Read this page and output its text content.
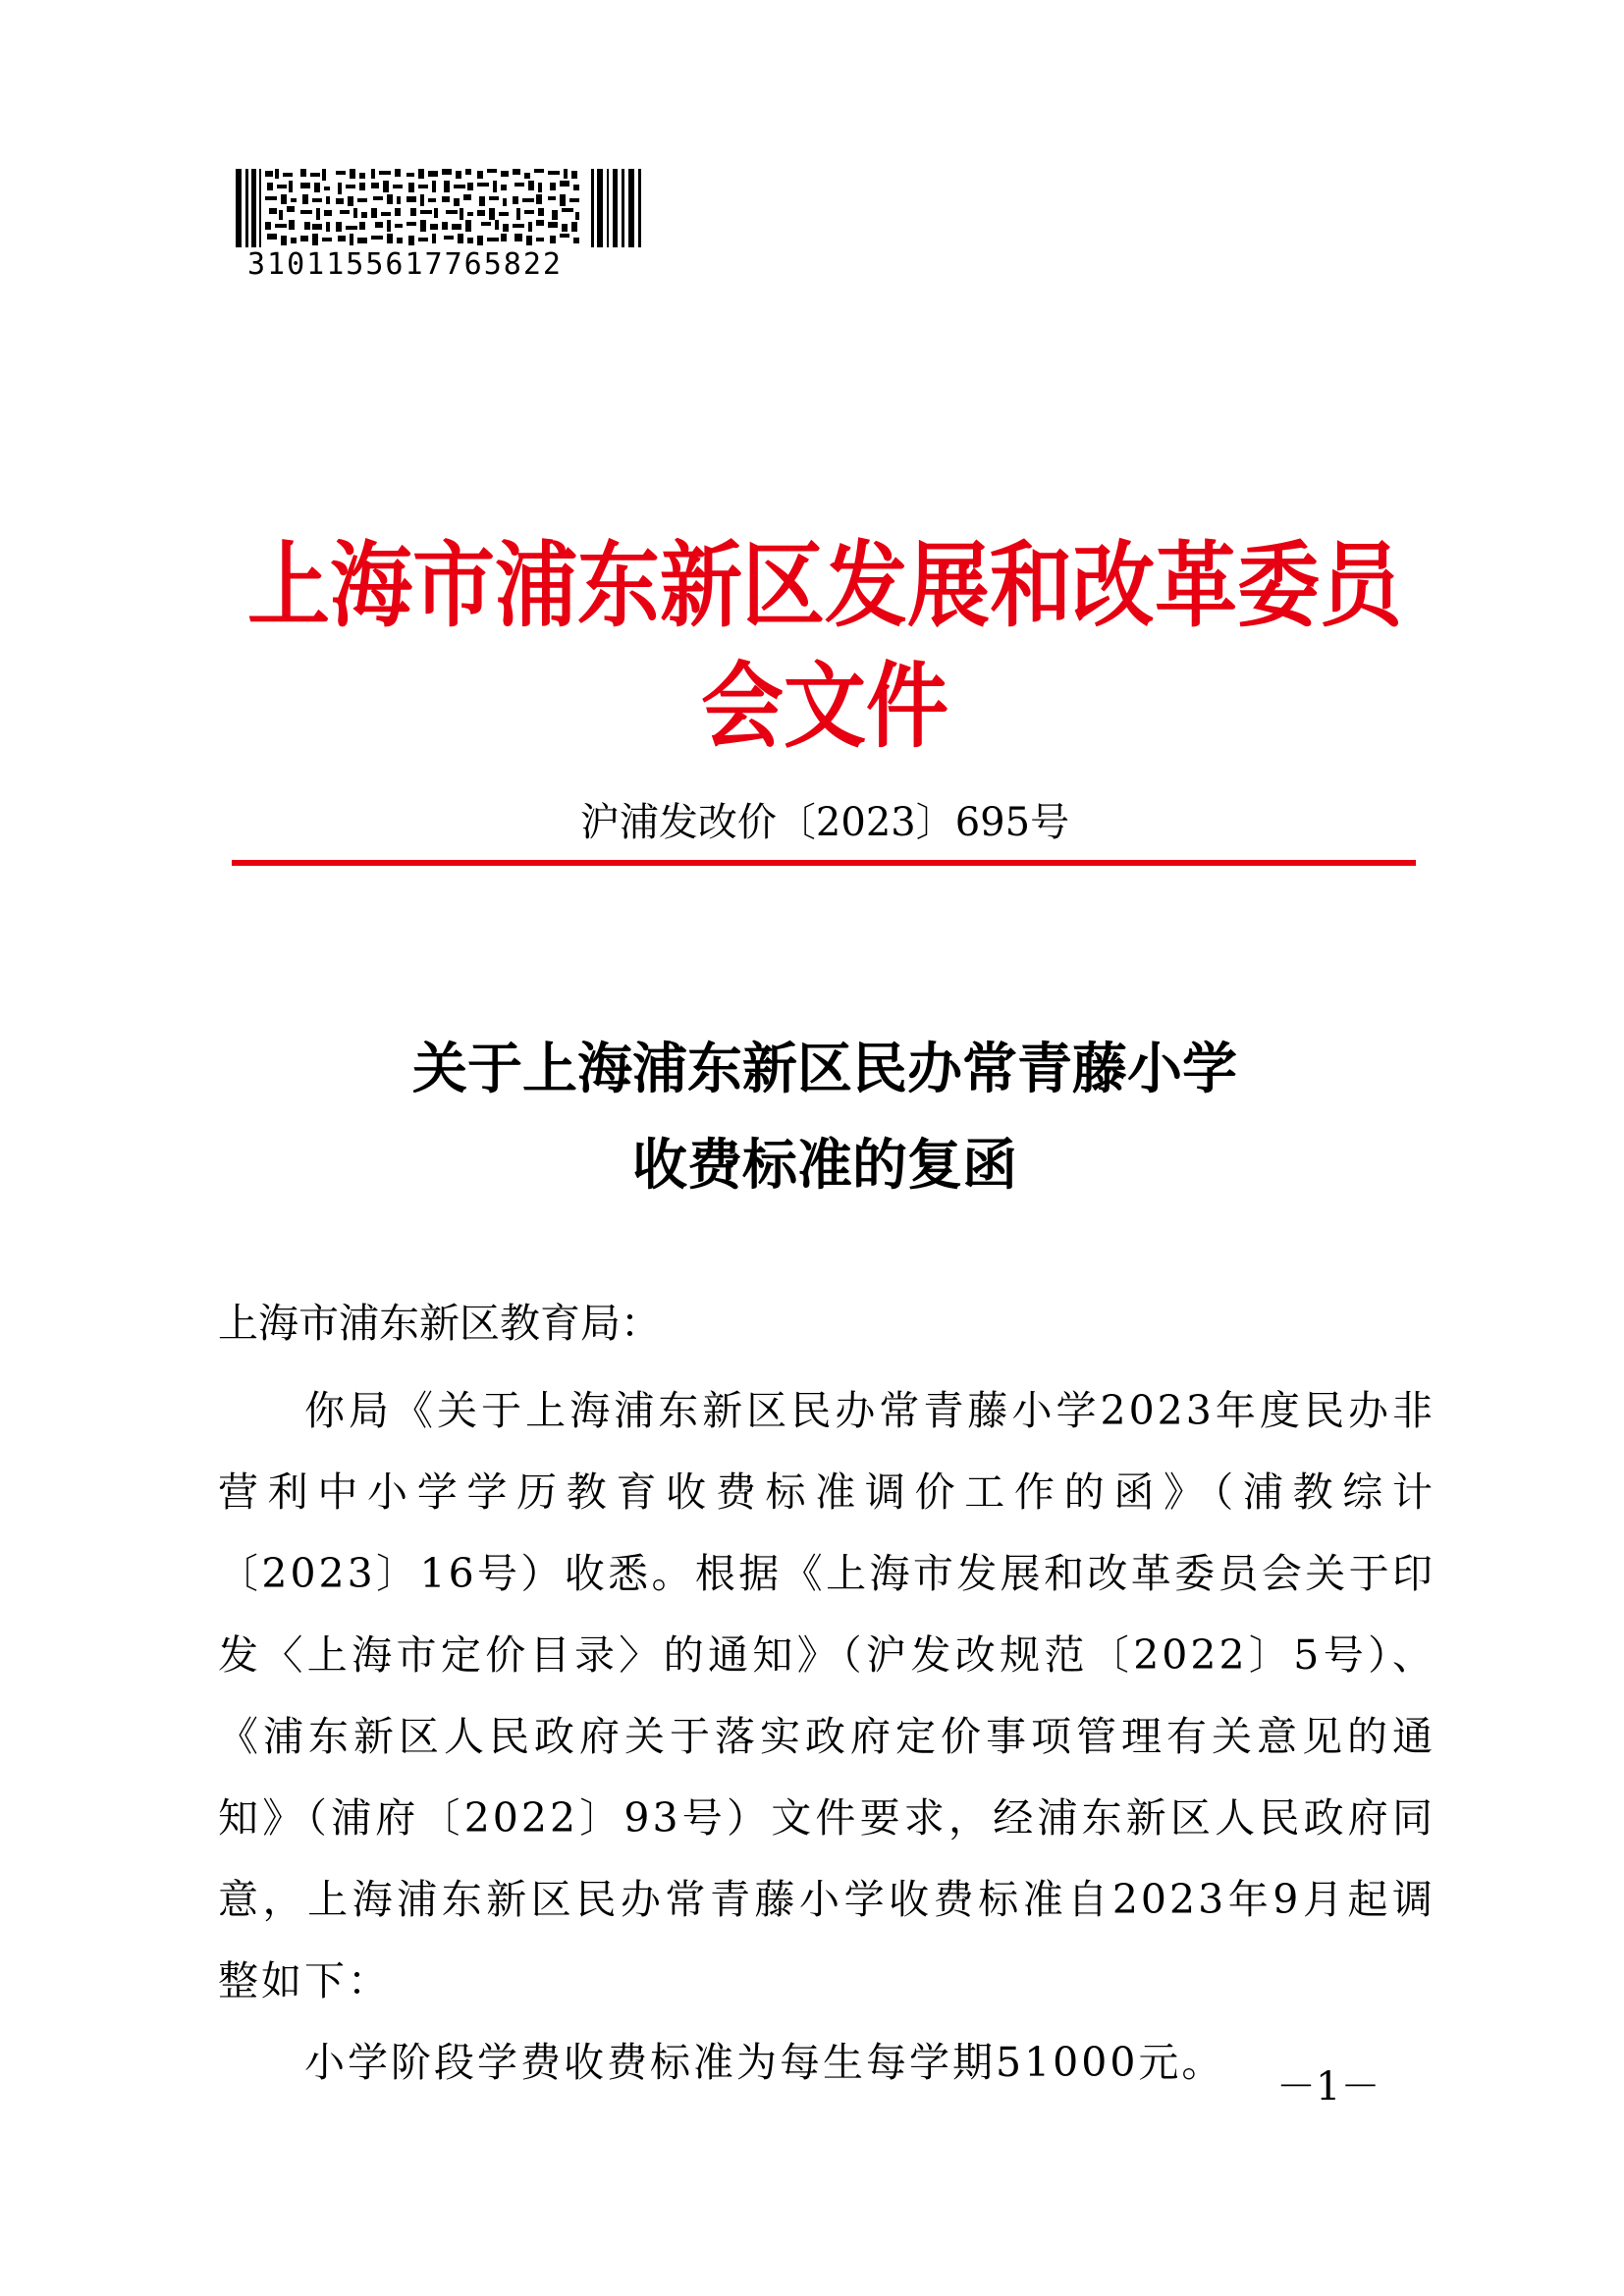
3101155617765822
上海市浦东新区发展和改革委员会文件
沪浦发改价〔2023〕695号
关于上海浦东新区民办常青藤小学
收费标准的复函
上海市浦东新区教育局：
你局《关于上海浦东新区民办常青藤小学2023年度民办非营利中小学学历教育收费标准调价工作的函》（浦教综计〔2023〕16号）收悉。根据《上海市发展和改革委员会关于印发〈上海市定价目录〉的通知》（沪发改规范〔2022〕5号）、《浦东新区人民政府关于落实政府定价事项管理有关意见的通知》（浦府〔2022〕93号）文件要求，经浦东新区人民政府同意，上海浦东新区民办常青藤小学收费标准自2023年9月起调整如下：
小学阶段学费收费标准为每生每学期51000元。
－1－
